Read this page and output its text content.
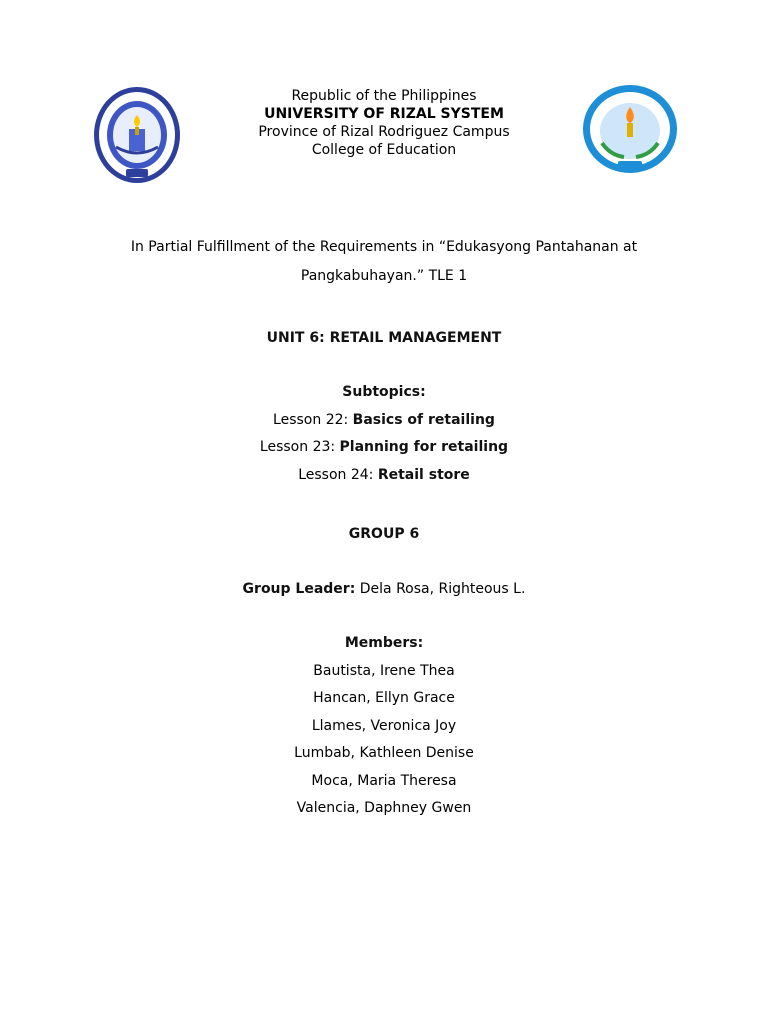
Republic of the Philippines
UNIVERSITY OF RIZAL SYSTEM
Province of Rizal Rodriguez Campus
College of Education
In Partial Fulfillment of the Requirements in “Edukasyong Pantahanan at
Pangkabuhayan.” TLE 1
UNIT 6: RETAIL MANAGEMENT
Subtopics:
Lesson 22: Basics of retailing
Lesson 23: Planning for retailing
Lesson 24: Retail store
GROUP 6
Group Leader: Dela Rosa, Righteous L.
Members:
Bautista, Irene Thea
Hancan, Ellyn Grace
Llames, Veronica Joy
Lumbab, Kathleen Denise
Moca, Maria Theresa
Valencia, Daphney Gwen
